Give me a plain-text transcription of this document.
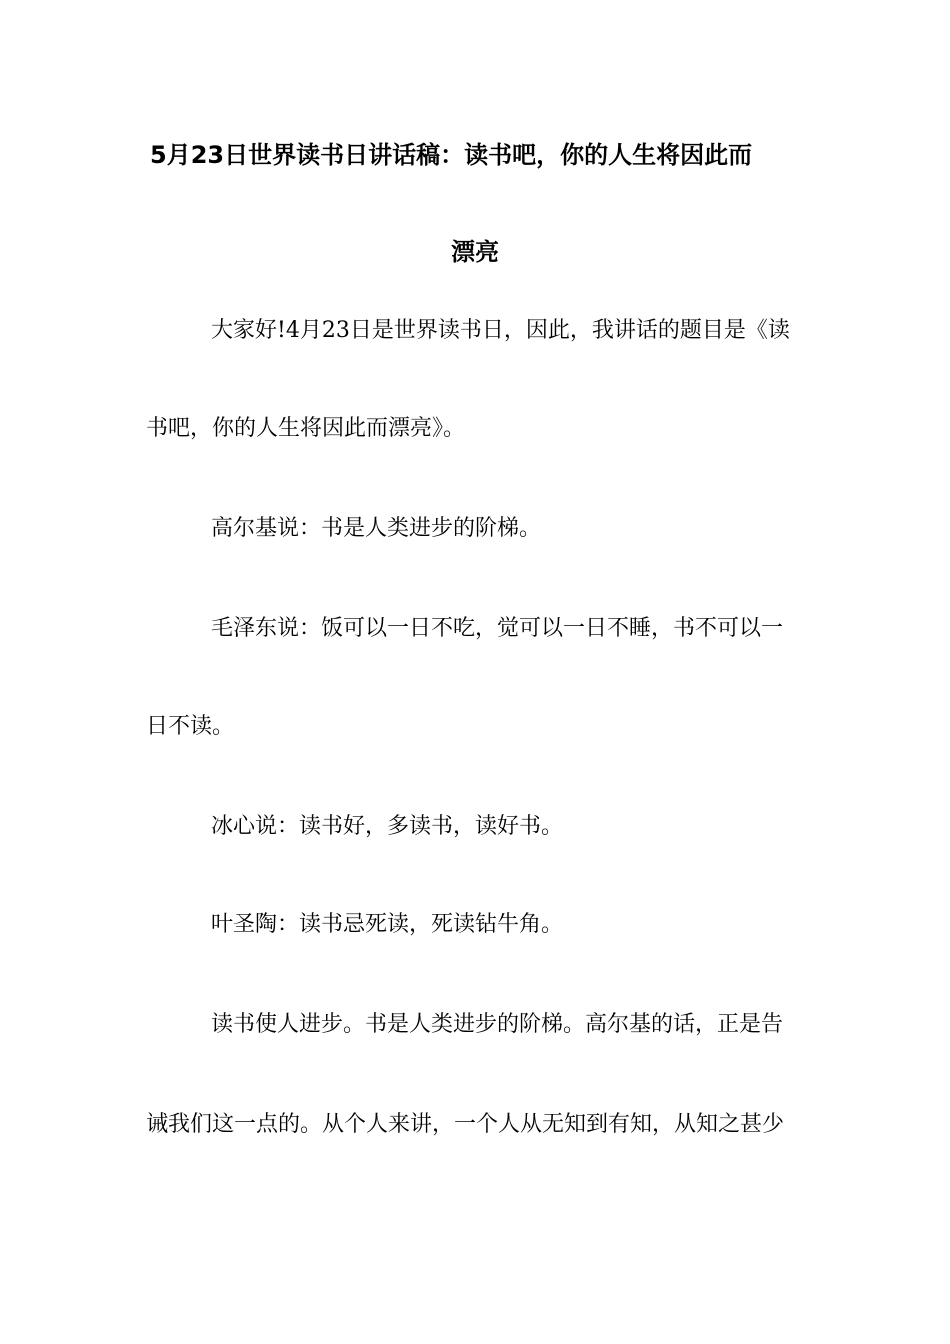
5月23日世界读书日讲话稿：读书吧，你的人生将因此而
漂亮
大家好!4月23日是世界读书日，因此，我讲话的题目是《读
书吧，你的人生将因此而漂亮》。
高尔基说：书是人类进步的阶梯。
毛泽东说：饭可以一日不吃，觉可以一日不睡，书不可以一
日不读。
冰心说：读书好，多读书，读好书。
叶圣陶：读书忌死读，死读钻牛角。
读书使人进步。书是人类进步的阶梯。高尔基的话，正是告
诫我们这一点的。从个人来讲，一个人从无知到有知，从知之甚少
